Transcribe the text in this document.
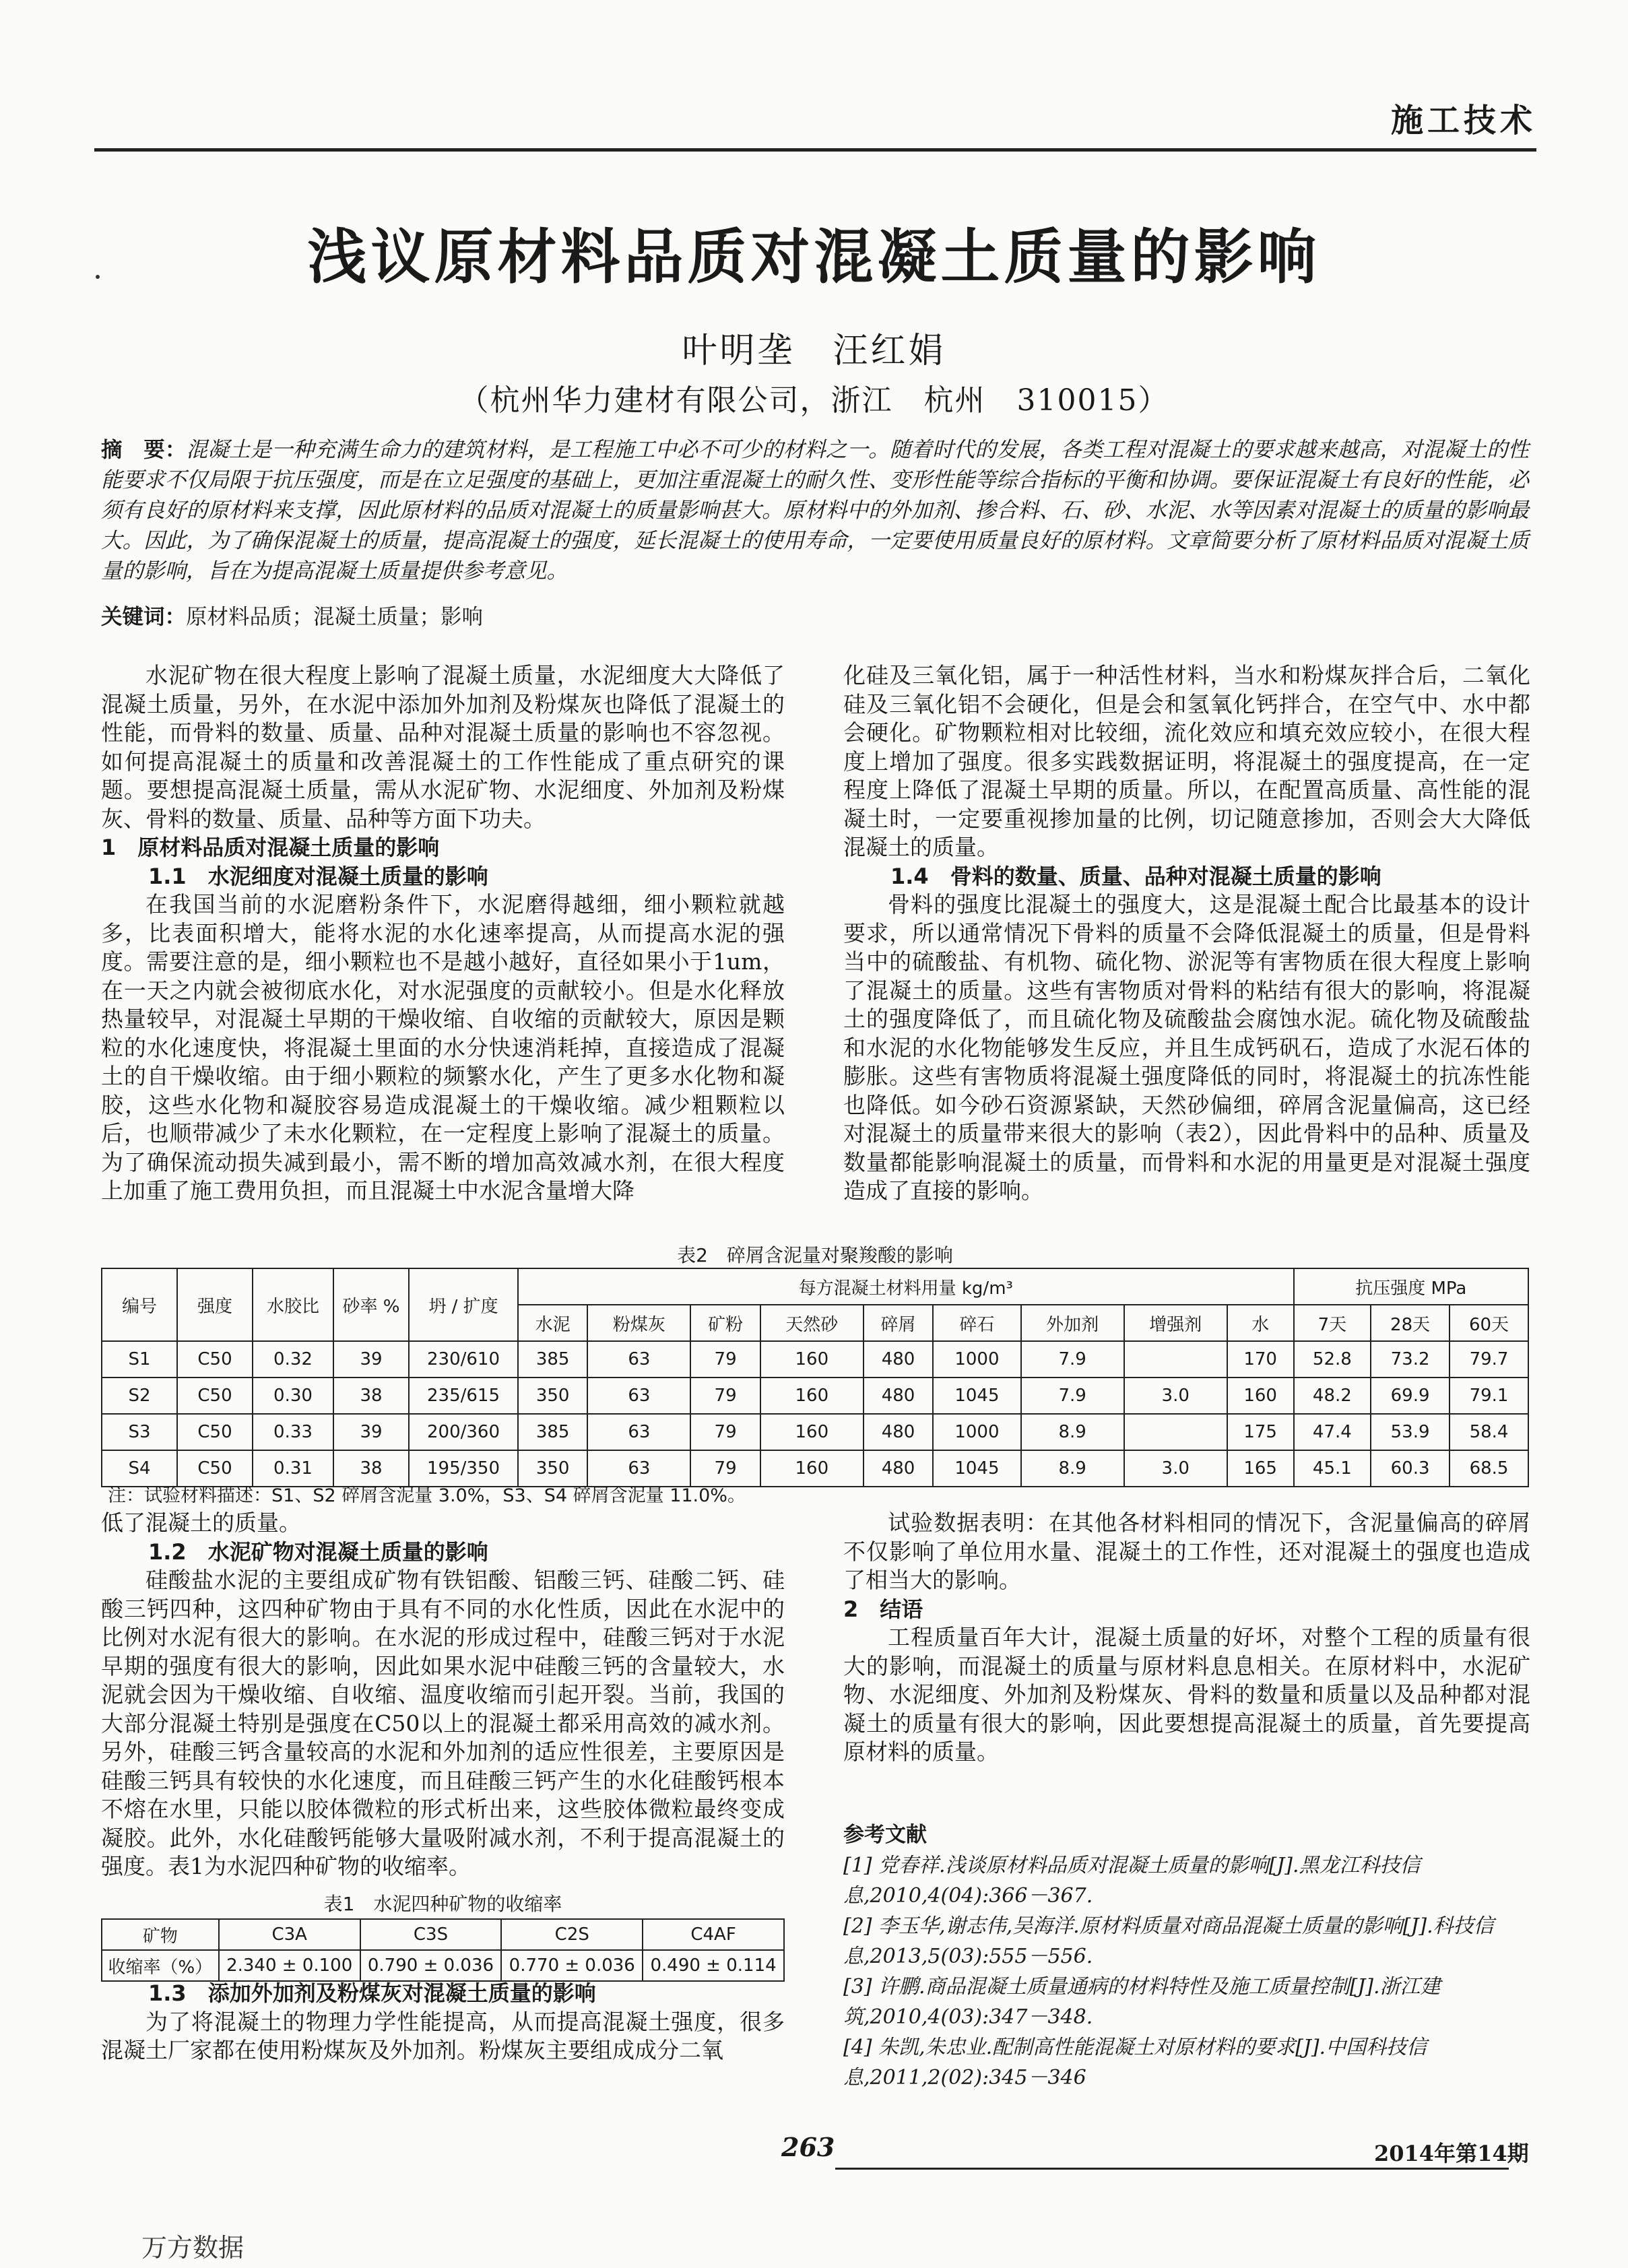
施工技术
浅议原材料品质对混凝土质量的影响
叶明垄　汪红娟
（杭州华力建材有限公司，浙江　杭州　310015）
摘　要：混凝土是一种充满生命力的建筑材料，是工程施工中必不可少的材料之一。随着时代的发展，各类工程对混凝土的要求越来越高，对混凝土的性能要求不仅局限于抗压强度，而是在立足强度的基础上，更加注重混凝土的耐久性、变形性能等综合指标的平衡和协调。要保证混凝土有良好的性能，必须有良好的原材料来支撑，因此原材料的品质对混凝土的质量影响甚大。原材料中的外加剂、掺合料、石、砂、水泥、水等因素对混凝土的质量的影响最大。因此，为了确保混凝土的质量，提高混凝土的强度，延长混凝土的使用寿命，一定要使用质量良好的原材料。文章简要分析了原材料品质对混凝土质量的影响，旨在为提高混凝土质量提供参考意见。
关键词：原材料品质；混凝土质量；影响

水泥矿物在很大程度上影响了混凝土质量，水泥细度大大降低了混凝土质量，另外，在水泥中添加外加剂及粉煤灰也降低了混凝土的性能，而骨料的数量、质量、品种对混凝土质量的影响也不容忽视。如何提高混凝土的质量和改善混凝土的工作性能成了重点研究的课题。要想提高混凝土质量，需从水泥矿物、水泥细度、外加剂及粉煤灰、骨料的数量、质量、品种等方面下功夫。

1　原材料品质对混凝土质量的影响
1.1　水泥细度对混凝土质量的影响

在我国当前的水泥磨粉条件下，水泥磨得越细，细小颗粒就越多，比表面积增大，能将水泥的水化速率提高，从而提高水泥的强度。需要注意的是，细小颗粒也不是越小越好，直径如果小于1um，在一天之内就会被彻底水化，对水泥强度的贡献较小。但是水化释放热量较早，对混凝土早期的干燥收缩、自收缩的贡献较大，原因是颗粒的水化速度快，将混凝土里面的水分快速消耗掉，直接造成了混凝土的自干燥收缩。由于细小颗粒的频繁水化，产生了更多水化物和凝胶，这些水化物和凝胶容易造成混凝土的干燥收缩。减少粗颗粒以后，也顺带减少了未水化颗粒，在一定程度上影响了混凝土的质量。为了确保流动损失减到最小，需不断的增加高效减水剂，在很大程度上加重了施工费用负担，而且混凝土中水泥含量增大降

化硅及三氧化铝，属于一种活性材料，当水和粉煤灰拌合后，二氧化硅及三氧化铝不会硬化，但是会和氢氧化钙拌合，在空气中、水中都会硬化。矿物颗粒相对比较细，流化效应和填充效应较小，在很大程度上增加了强度。很多实践数据证明，将混凝土的强度提高，在一定程度上降低了混凝土早期的质量。所以，在配置高质量、高性能的混凝土时，一定要重视掺加量的比例，切记随意掺加，否则会大大降低混凝土的质量。

1.4　骨料的数量、质量、品种对混凝土质量的影响

骨料的强度比混凝土的强度大，这是混凝土配合比最基本的设计要求，所以通常情况下骨料的质量不会降低混凝土的质量，但是骨料当中的硫酸盐、有机物、硫化物、淤泥等有害物质在很大程度上影响了混凝土的质量。这些有害物质对骨料的粘结有很大的影响，将混凝土的强度降低了，而且硫化物及硫酸盐会腐蚀水泥。硫化物及硫酸盐和水泥的水化物能够发生反应，并且生成钙矾石，造成了水泥石体的膨胀。这些有害物质将混凝土强度降低的同时，将混凝土的抗冻性能也降低。如今砂石资源紧缺，天然砂偏细，碎屑含泥量偏高，这已经对混凝土的质量带来很大的影响（表2），因此骨料中的品种、质量及数量都能影响混凝土的质量，而骨料和水泥的用量更是对混凝土强度造成了直接的影响。

表2　碎屑含泥量对聚羧酸的影响
编号	强度	水胶比	砂率 %	坍 / 扩度	每方混凝土材料用量 kg/m³									抗压强度 MPa		
					水泥	粉煤灰	矿粉	天然砂	碎屑	碎石	外加剂	增强剂	水	7天	28天	60天
S1	C50	0.32	39	230/610	385	63	79	160	480	1000	7.9		170	52.8	73.2	79.7
S2	C50	0.30	38	235/615	350	63	79	160	480	1045	7.9	3.0	160	48.2	69.9	79.1
S3	C50	0.33	39	200/360	385	63	79	160	480	1000	8.9		175	47.4	53.9	58.4
S4	C50	0.31	38	195/350	350	63	79	160	480	1045	8.9	3.0	165	45.1	60.3	68.5
注：试验材料描述：S1、S2 碎屑含泥量 3.0%，S3、S4 碎屑含泥量 11.0%。

低了混凝土的质量。

1.2　水泥矿物对混凝土质量的影响

硅酸盐水泥的主要组成矿物有铁铝酸、铝酸三钙、硅酸二钙、硅酸三钙四种，这四种矿物由于具有不同的水化性质，因此在水泥中的比例对水泥有很大的影响。在水泥的形成过程中，硅酸三钙对于水泥早期的强度有很大的影响，因此如果水泥中硅酸三钙的含量较大，水泥就会因为干燥收缩、自收缩、温度收缩而引起开裂。当前，我国的大部分混凝土特别是强度在C50以上的混凝土都采用高效的减水剂。另外，硅酸三钙含量较高的水泥和外加剂的适应性很差，主要原因是硅酸三钙具有较快的水化速度，而且硅酸三钙产生的水化硅酸钙根本不熔在水里，只能以胶体微粒的形式析出来，这些胶体微粒最终变成凝胶。此外，水化硅酸钙能够大量吸附减水剂，不利于提高混凝土的强度。表1为水泥四种矿物的收缩率。

表1　水泥四种矿物的收缩率
矿物	C3A	C3S	C2S	C4AF
收缩率（%）	2.340 ± 0.100	0.790 ± 0.036	0.770 ± 0.036	0.490 ± 0.114
1.3　添加外加剂及粉煤灰对混凝土质量的影响

为了将混凝土的物理力学性能提高，从而提高混凝土强度，很多混凝土厂家都在使用粉煤灰及外加剂。粉煤灰主要组成成分二氧

试验数据表明：在其他各材料相同的情况下，含泥量偏高的碎屑不仅影响了单位用水量、混凝土的工作性，还对混凝土的强度也造成了相当大的影响。

2　结语

工程质量百年大计，混凝土质量的好坏，对整个工程的质量有很大的影响，而混凝土的质量与原材料息息相关。在原材料中，水泥矿物、水泥细度、外加剂及粉煤灰、骨料的数量和质量以及品种都对混凝土的质量有很大的影响，因此要想提高混凝土的质量，首先要提高原材料的质量。

参考文献

[1] 党春祥.浅谈原材料品质对混凝土质量的影响[J].黑龙江科技信息,2010,4(04):366－367.

[2] 李玉华,谢志伟,吴海洋.原材料质量对商品混凝土质量的影响[J].科技信息,2013,5(03):555－556.

[3] 许鹏.商品混凝土质量通病的材料特性及施工质量控制[J].浙江建筑,2010,4(03):347－348.

[4] 朱凯,朱忠业.配制高性能混凝土对原材料的要求[J].中国科技信息,2011,2(02):345－346

263	2014年第14期
万方数据
